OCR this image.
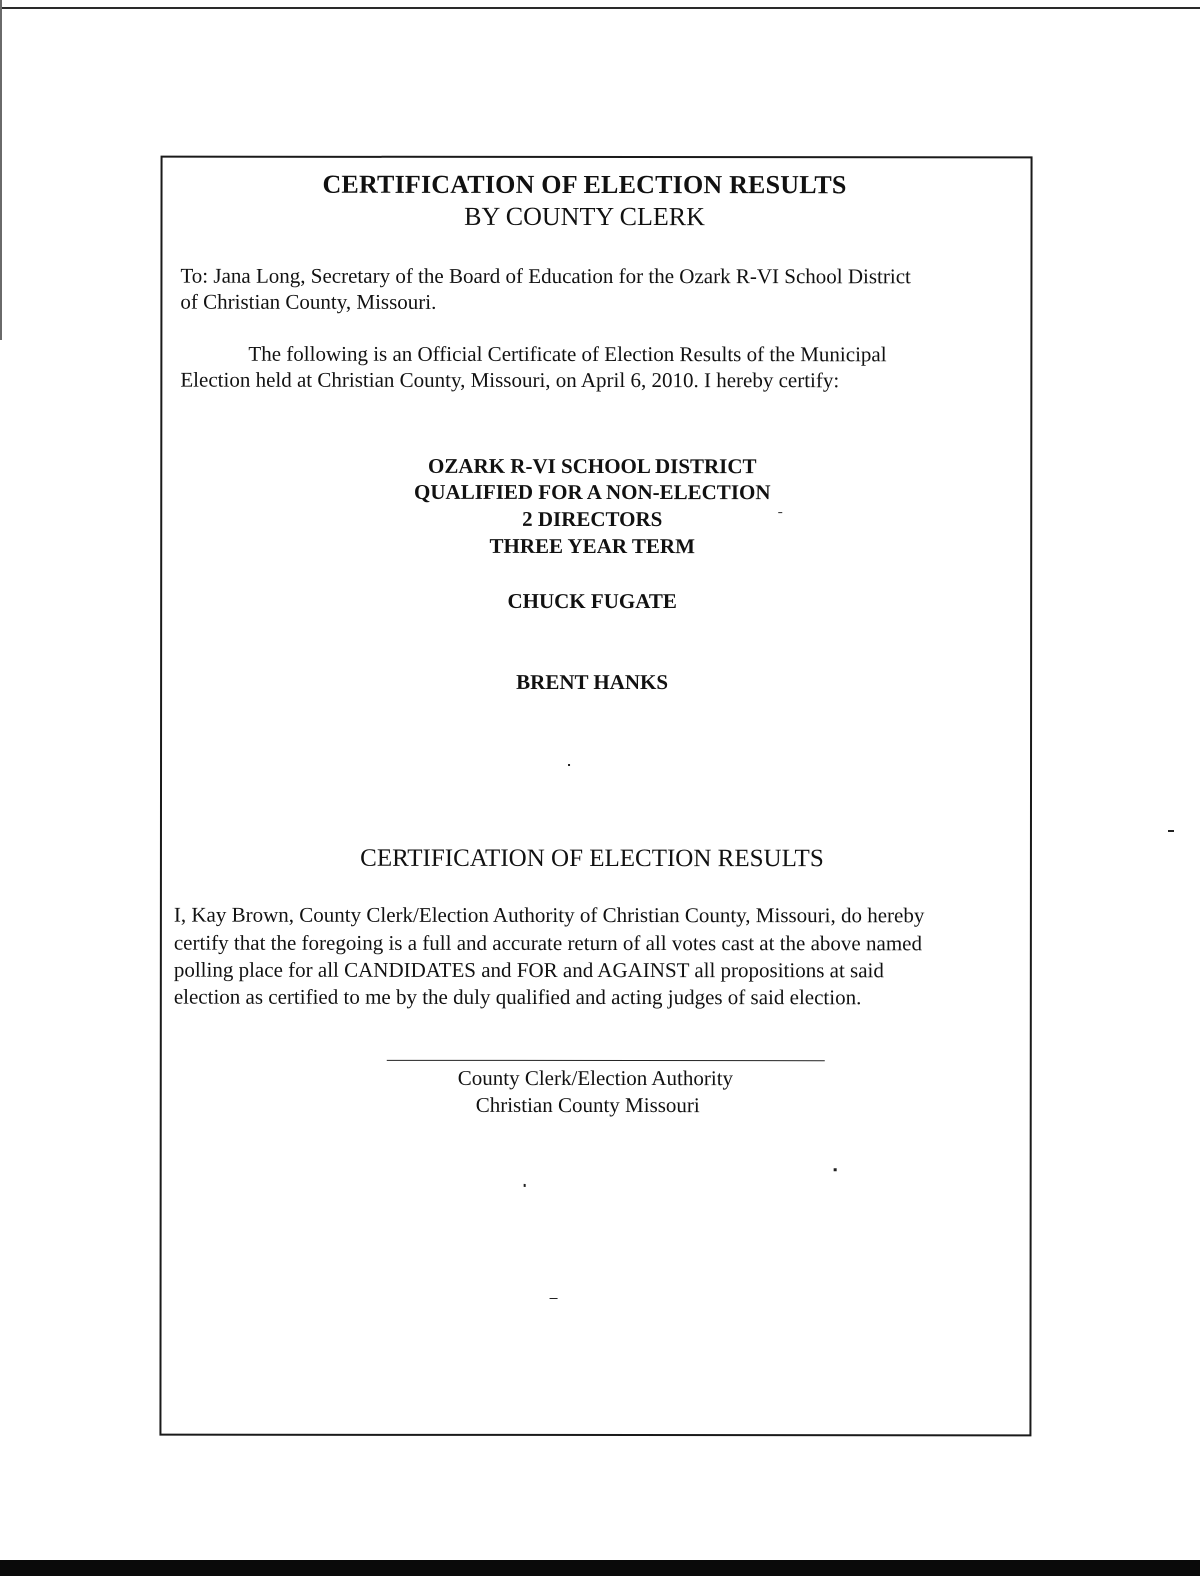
CERTIFICATION OF ELECTION RESULTS
BY COUNTY CLERK
To: Jana Long, Secretary of the Board of Education for the Ozark R-VI School District
of Christian County, Missouri.
The following is an Official Certificate of Election Results of the Municipal
Election held at Christian County, Missouri, on April 6, 2010. I hereby certify:
OZARK R-VI SCHOOL DISTRICT
QUALIFIED FOR A NON-ELECTION
2 DIRECTORS
THREE YEAR TERM
CHUCK FUGATE
BRENT HANKS
CERTIFICATION OF ELECTION RESULTS
I, Kay Brown, County Clerk/Election Authority of Christian County, Missouri, do hereby
certify that the foregoing is a full and accurate return of all votes cast at the above named
polling place for all CANDIDATES and FOR and AGAINST all propositions at said
election as certified to me by the duly qualified and acting judges of said election.
County Clerk/Election Authority
Christian County Missouri
